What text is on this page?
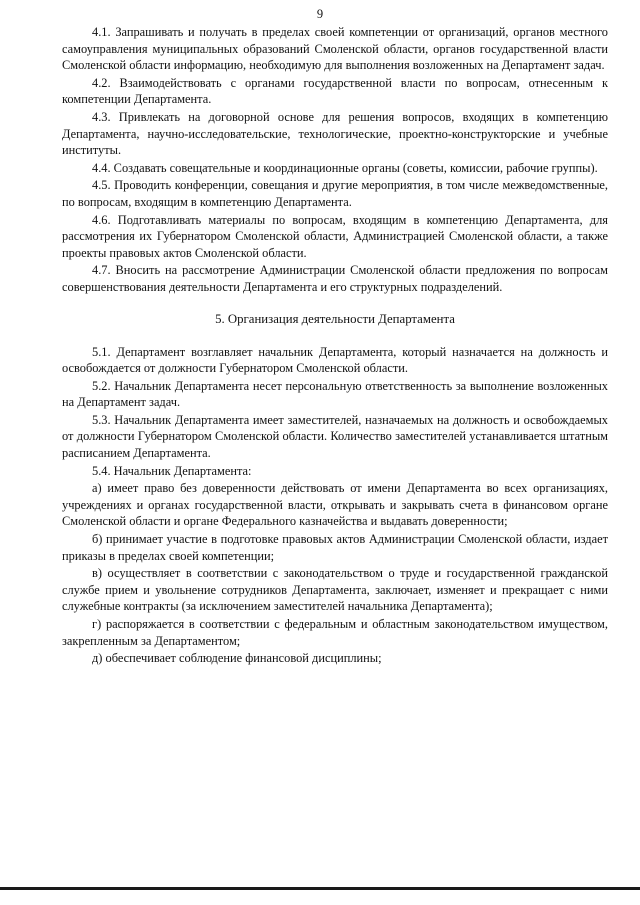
9

4.1. Запрашивать и получать в пределах своей компетенции от организаций, органов местного самоуправления муниципальных образований Смоленской области, органов государственной власти Смоленской области информацию, необходимую для выполнения возложенных на Департамент задач.

4.2. Взаимодействовать с органами государственной власти по вопросам, отнесенным к компетенции Департамента.

4.3. Привлекать на договорной основе для решения вопросов, входящих в компетенцию Департамента, научно-исследовательские, технологические, проектно-конструкторские и учебные институты.

4.4. Создавать совещательные и координационные органы (советы, комиссии, рабочие группы).

4.5. Проводить конференции, совещания и другие мероприятия, в том числе межведомственные, по вопросам, входящим в компетенцию Департамента.

4.6. Подготавливать материалы по вопросам, входящим в компетенцию Департамента, для рассмотрения их Губернатором Смоленской области, Администрацией Смоленской области, а также проекты правовых актов Смоленской области.

4.7. Вносить на рассмотрение Администрации Смоленской области предложения по вопросам совершенствования деятельности Департамента и его структурных подразделений.

5. Организация деятельности Департамента

5.1. Департамент возглавляет начальник Департамента, который назначается на должность и освобождается от должности Губернатором Смоленской области.

5.2. Начальник Департамента несет персональную ответственность за выполнение возложенных на Департамент задач.

5.3. Начальник Департамента имеет заместителей, назначаемых на должность и освобождаемых от должности Губернатором Смоленской области. Количество заместителей устанавливается штатным расписанием Департамента.

5.4. Начальник Департамента:

а) имеет право без доверенности действовать от имени Департамента во всех организациях, учреждениях и органах государственной власти, открывать и закрывать счета в финансовом органе Смоленской области и органе Федерального казначейства и выдавать доверенности;

б) принимает участие в подготовке правовых актов Администрации Смоленской области, издает приказы в пределах своей компетенции;

в) осуществляет в соответствии с законодательством о труде и государственной гражданской службе прием и увольнение сотрудников Департамента, заключает, изменяет и прекращает с ними служебные контракты (за исключением заместителей начальника Департамента);

г) распоряжается в соответствии с федеральным и областным законодательством имуществом, закрепленным за Департаментом;

д) обеспечивает соблюдение финансовой дисциплины;
